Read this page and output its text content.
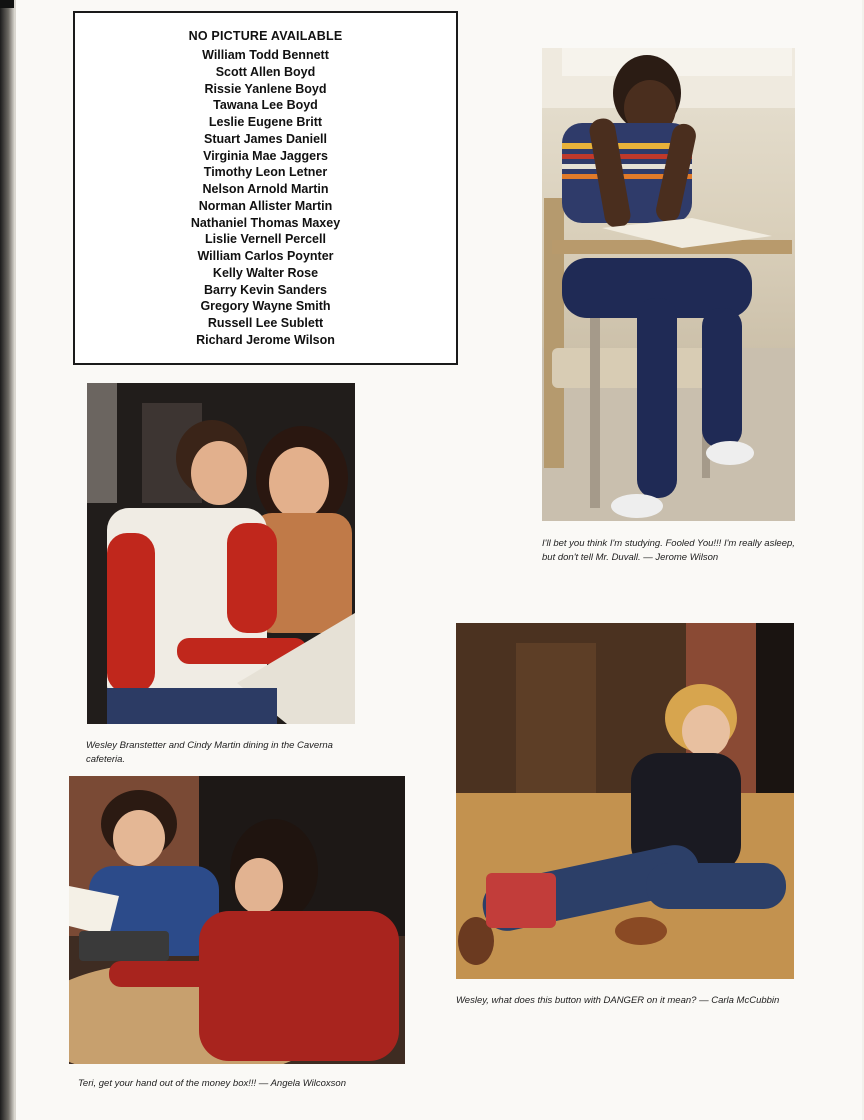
NO PICTURE AVAILABLE
William Todd Bennett
Scott Allen Boyd
Rissie Yanlene Boyd
Tawana Lee Boyd
Leslie Eugene Britt
Stuart James Daniell
Virginia Mae Jaggers
Timothy Leon Letner
Nelson Arnold Martin
Norman Allister Martin
Nathaniel Thomas Maxey
Lislie Vernell Percell
William Carlos Poynter
Kelly Walter Rose
Barry Kevin Sanders
Gregory Wayne Smith
Russell Lee Sublett
Richard Jerome Wilson
I'll bet you think I'm studying. Fooled You!!! I'm really asleep, but don't tell Mr. Duvall. — Jerome Wilson
Wesley Branstetter and Cindy Martin dining in the Caverna cafeteria.
Wesley, what does this button with DANGER on it mean? — Carla McCubbin
Teri, get your hand out of the money box!!! — Angela Wilcoxson
